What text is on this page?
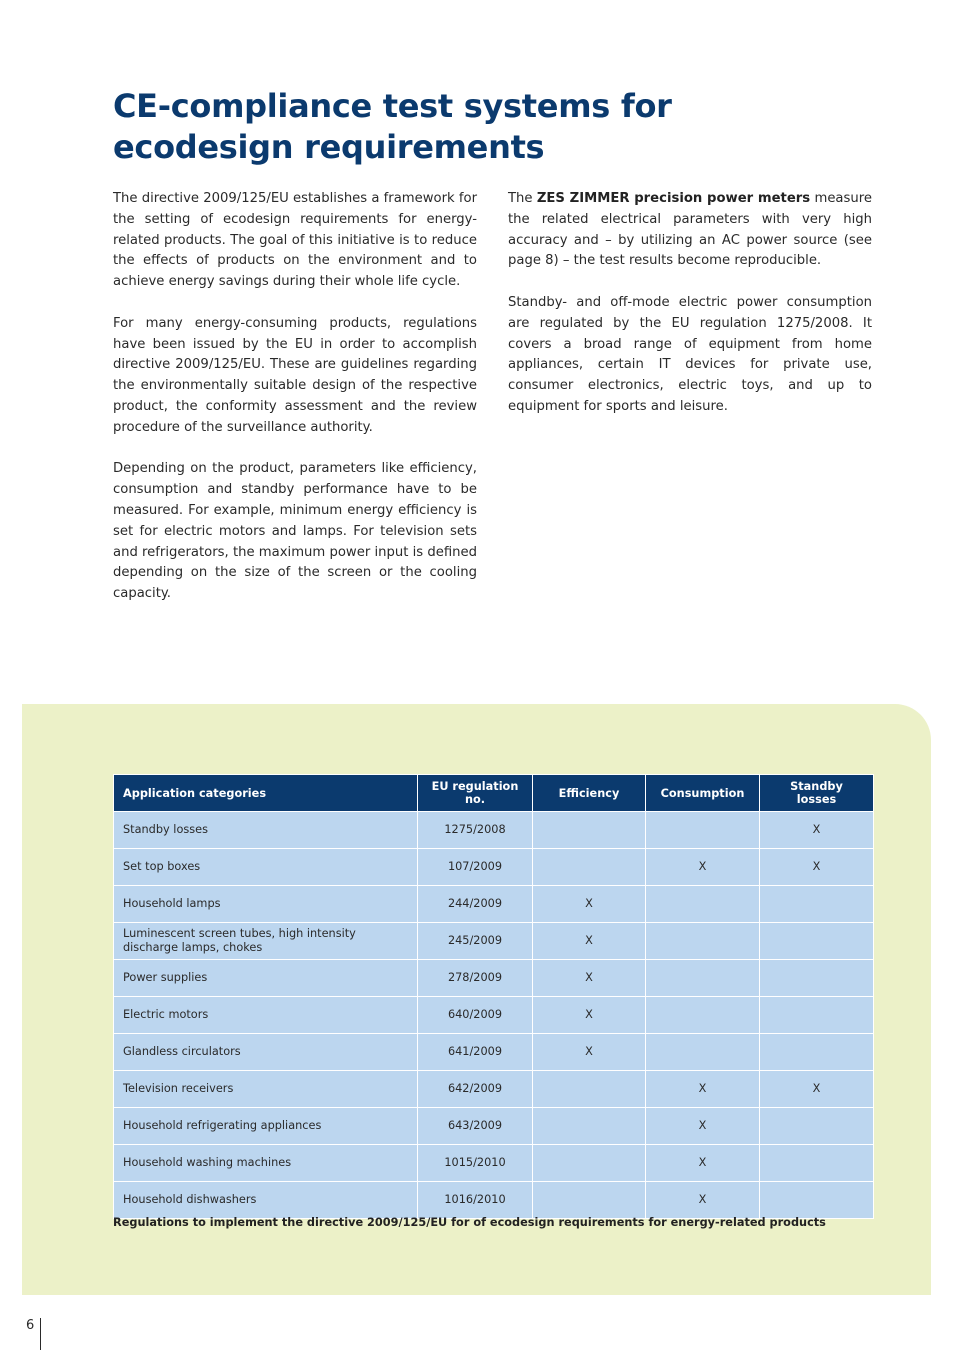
CE-compliance test systems for ecodesign requirements

The directive 2009/125/EU establishes a framework for the setting of ecodesign requirements for energy-related products. The goal of this initiative is to reduce the effects of products on the environment and to achieve energy savings during their whole life cycle.

For many energy-consuming products, regulations have been issued by the EU in order to accomplish directive 2009/125/EU. These are guidelines regarding the environmentally suitable design of the respective product, the conformity assessment and the review procedure of the surveillance authority.

Depending on the product, parameters like efficiency, consumption and standby performance have to be measured. For example, minimum energy efficiency is set for electric motors and lamps. For television sets and refrigerators, the maximum power input is defined depending on the size of the screen or the cooling capacity.

The ZES ZIMMER precision power meters measure the related electrical parameters with very high accuracy and – by utilizing an AC power source (see page 8) – the test results become reproducible.

Standby- and off-mode electric power consumption are regulated by the EU regulation 1275/2008. It covers a broad range of equipment from home appliances, certain IT devices for private use, consumer electronics, electric toys, and up to equipment for sports and leisure.

Application categories	EU regulation no.	Efficiency	Consumption	Standby losses
Standby losses	1275/2008			X
Set top boxes	107/2009		X	X
Household lamps	244/2009	X		
Luminescent screen tubes, high intensity discharge lamps, chokes	245/2009	X		
Power supplies	278/2009	X		
Electric motors	640/2009	X		
Glandless circulators	641/2009	X		
Television receivers	642/2009		X	X
Household refrigerating appliances	643/2009		X	
Household washing machines	1015/2010		X	
Household dishwashers	1016/2010		X	
Regulations to implement the directive 2009/125/EU for of ecodesign requirements for energy-related products
6
